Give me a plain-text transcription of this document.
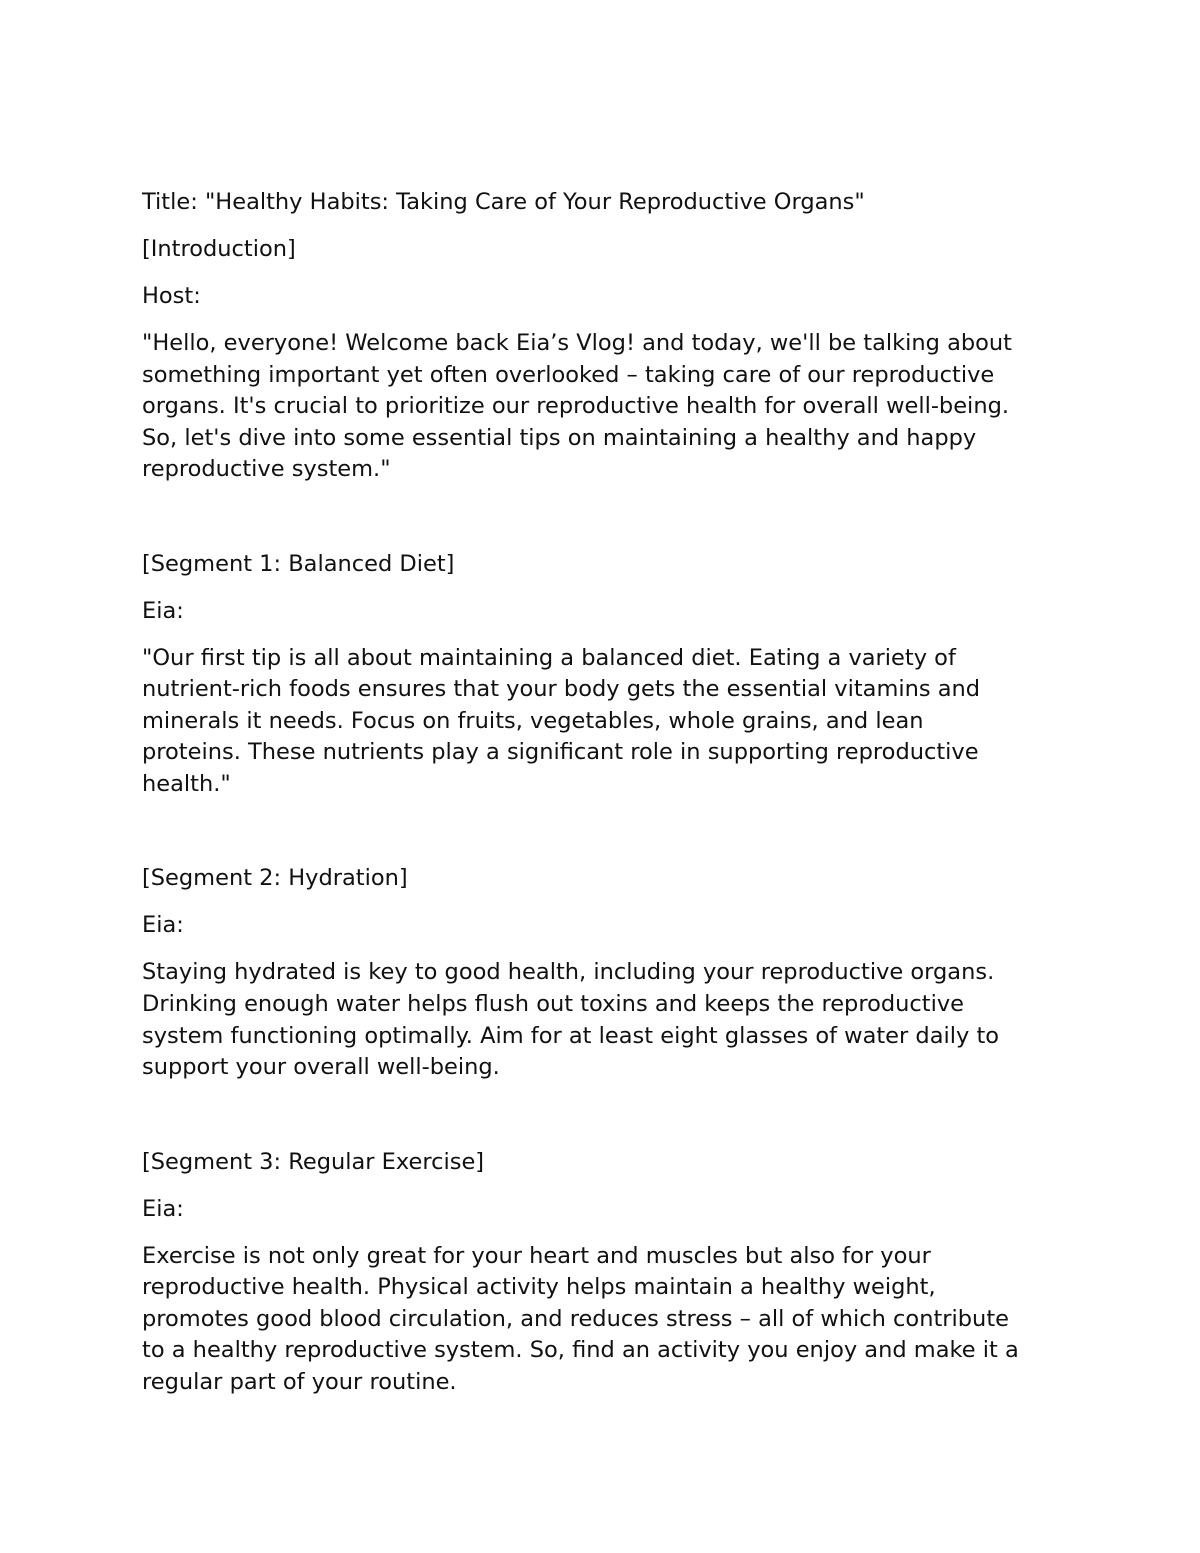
Title: "Healthy Habits: Taking Care of Your Reproductive Organs"

[Introduction]

Host:

"Hello, everyone! Welcome back Eia’s Vlog! and today, we'll be talking about
something important yet often overlooked – taking care of our reproductive
organs. It's crucial to prioritize our reproductive health for overall well-being.
So, let's dive into some essential tips on maintaining a healthy and happy
reproductive system."

[Segment 1: Balanced Diet]

Eia:

"Our first tip is all about maintaining a balanced diet. Eating a variety of
nutrient-rich foods ensures that your body gets the essential vitamins and
minerals it needs. Focus on fruits, vegetables, whole grains, and lean
proteins. These nutrients play a significant role in supporting reproductive
health."

[Segment 2: Hydration]

Eia:

Staying hydrated is key to good health, including your reproductive organs.
Drinking enough water helps flush out toxins and keeps the reproductive
system functioning optimally. Aim for at least eight glasses of water daily to
support your overall well-being.

[Segment 3: Regular Exercise]

Eia:

Exercise is not only great for your heart and muscles but also for your
reproductive health. Physical activity helps maintain a healthy weight,
promotes good blood circulation, and reduces stress – all of which contribute
to a healthy reproductive system. So, find an activity you enjoy and make it a
regular part of your routine.
